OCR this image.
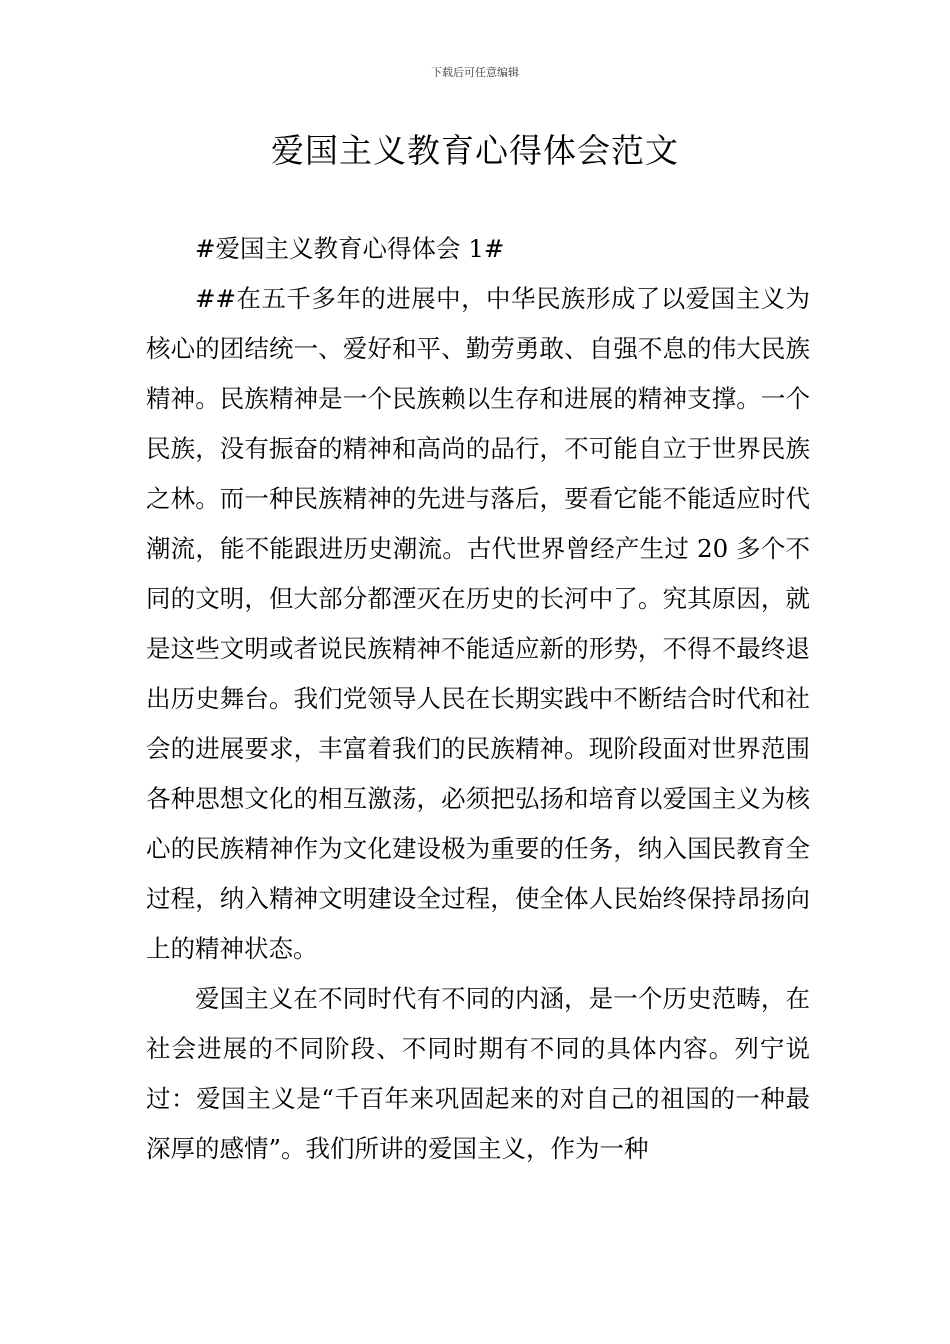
下载后可任意编辑
爱国主义教育心得体会范文

#爱国主义教育心得体会 1#

##在五千多年的进展中，中华民族形成了以爱国主义为核心的团结统一、爱好和平、勤劳勇敢、自强不息的伟大民族精神。民族精神是一个民族赖以生存和进展的精神支撑。一个民族，没有振奋的精神和高尚的品行，不可能自立于世界民族之林。而一种民族精神的先进与落后，要看它能不能适应时代潮流，能不能跟进历史潮流。古代世界曾经产生过 20 多个不同的文明，但大部分都湮灭在历史的长河中了。究其原因，就是这些文明或者说民族精神不能适应新的形势，不得不最终退出历史舞台。我们党领导人民在长期实践中不断结合时代和社会的进展要求，丰富着我们的民族精神。现阶段面对世界范围各种思想文化的相互激荡，必须把弘扬和培育以爱国主义为核心的民族精神作为文化建设极为重要的任务，纳入国民教育全过程，纳入精神文明建设全过程，使全体人民始终保持昂扬向上的精神状态。

爱国主义在不同时代有不同的内涵，是一个历史范畴，在社会进展的不同阶段、不同时期有不同的具体内容。列宁说过：爱国主义是“千百年来巩固起来的对自己的祖国的一种最深厚的感情”。我们所讲的爱国主义，作为一种
